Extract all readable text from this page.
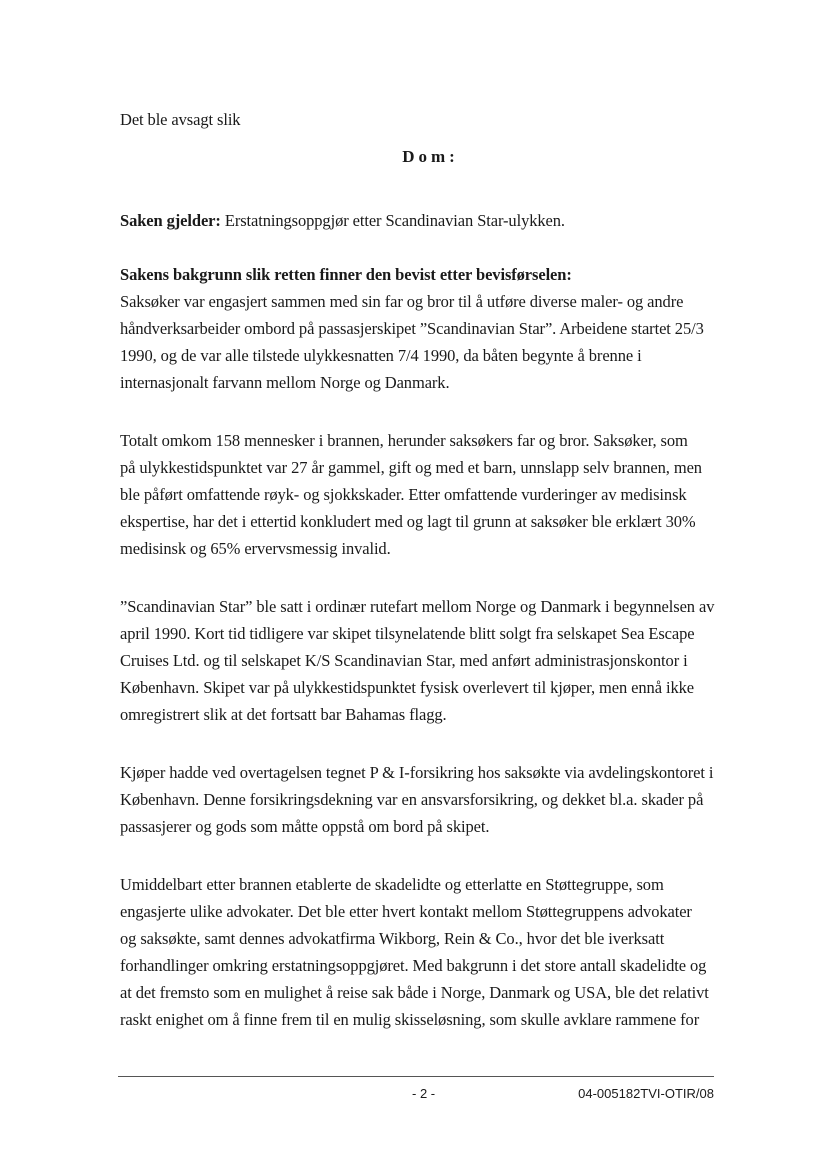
Det ble avsagt slik
Dom:
Saken gjelder: Erstatningsoppgjør etter Scandinavian Star-ulykken.
Sakens bakgrunn slik retten finner den bevist etter bevisførselen:
Saksøker var engasjert sammen med sin far og bror til å utføre diverse maler- og andre
håndverksarbeider ombord på passasjerskipet ”Scandinavian Star”. Arbeidene startet 25/3
1990, og de var alle tilstede ulykkesnatten 7/4 1990, da båten begynte å brenne i
internasjonalt farvann mellom Norge og Danmark.
Totalt omkom 158 mennesker i brannen, herunder saksøkers far og bror. Saksøker, som
på ulykkestidspunktet var 27 år gammel, gift og med et barn, unnslapp selv brannen, men
ble påført omfattende røyk- og sjokkskader. Etter omfattende vurderinger av medisinsk
ekspertise, har det i ettertid konkludert med og lagt til grunn at saksøker ble erklært 30%
medisinsk og 65% ervervsmessig invalid.
”Scandinavian Star” ble satt i ordinær rutefart mellom Norge og Danmark i begynnelsen av
april 1990. Kort tid tidligere var skipet tilsynelatende blitt solgt fra selskapet Sea Escape
Cruises Ltd. og til selskapet K/S Scandinavian Star, med anført administrasjonskontor i
København. Skipet var på ulykkestidspunktet fysisk overlevert til kjøper, men ennå ikke
omregistrert slik at det fortsatt bar Bahamas flagg.
Kjøper hadde ved overtagelsen tegnet P & I-forsikring hos saksøkte via avdelingskontoret i
København. Denne forsikringsdekning var en ansvarsforsikring, og dekket bl.a. skader på
passasjerer og gods som måtte oppstå om bord på skipet.
Umiddelbart etter brannen etablerte de skadelidte og etterlatte en Støttegruppe, som
engasjerte ulike advokater. Det ble etter hvert kontakt mellom Støttegruppens advokater
og saksøkte, samt dennes advokatfirma Wikborg, Rein & Co., hvor det ble iverksatt
forhandlinger omkring erstatningsoppgjøret. Med bakgrunn i det store antall skadelidte og
at det fremsto som en mulighet å reise sak både i Norge, Danmark og USA, ble det relativt
raskt enighet om å finne frem til en mulig skisseløsning, som skulle avklare rammene for
- 2 -	04-005182TVI-OTIR/08
